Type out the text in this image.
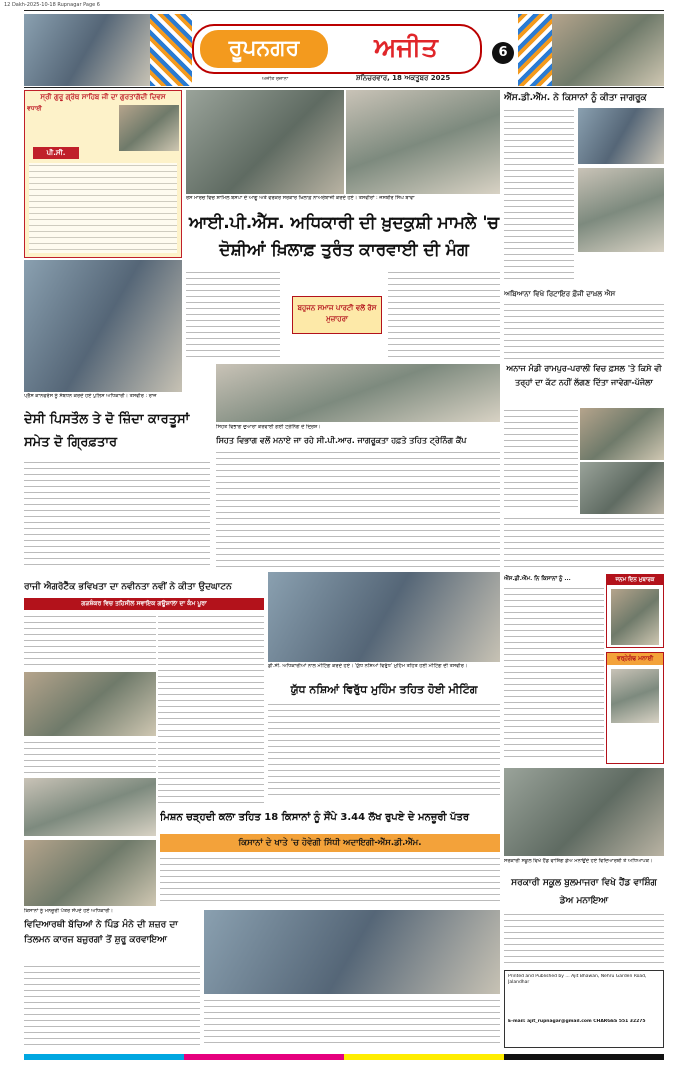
12 Dakh-2025-10-18 Rupnagar Page 6
ਰੂਪਨਗਰ	ਅਜੀਤ	6
ਅਜੀਤ ਰੋਜ਼ਾਨਾ	ਸ਼ਨਿਚਰਵਾਰ, 18 ਅਕਤੂਬਰ 2025
ਸ੍ਰੀ ਗੁਰੂ ਗ੍ਰੰਥ ਸਾਹਿਬ ਜੀ ਦਾ ਗੁਰਤਾਗੱਦੀ ਦਿਵਸ
ਵਧਾਈ
ਪੀ.ਸੀ.
ਰੋਸ ਮਾਰਚ ਵਿਚ ਸ਼ਾਮਿਲ ਬਸਪਾ ਦੇ ਆਗੂ ਅਤੇ ਵਰਕਰ ਸਰਕਾਰ ਖ਼ਿਲਾਫ਼ ਨਾਅਰੇਬਾਜ਼ੀ ਕਰਦੇ ਹੋਏ। ਤਸਵੀਰਾਂ : ਜਸਬੀਰ ਸਿੰਘ ਬਾਵਾ
ਆਈ.ਪੀ.ਐੱਸ. ਅਧਿਕਾਰੀ ਦੀ ਖ਼ੁਦਕੁਸ਼ੀ ਮਾਮਲੇ 'ਚ ਦੋਸ਼ੀਆਂ ਖ਼ਿਲਾਫ਼ ਤੁਰੰਤ ਕਾਰਵਾਈ ਦੀ ਮੰਗ
ਬਹੁਜਨ ਸਮਾਜ ਪਾਰਟੀ ਵਲੋਂ ਰੋਸ ਮੁਜ਼ਾਹਰਾ
ਐੱਸ.ਡੀ.ਐੱਮ. ਨੇ ਕਿਸਾਨਾਂ ਨੂੰ ਕੀਤਾ ਜਾਗਰੂਕ
ਅਬਿਆਨਾ ਵਿਖੇ ਰਿਟਾਇਰ ਫ਼ੌਜੀ ਦਾਖ਼ਲ ਐਸ
ਪ੍ਰੈੱਸ ਕਾਨਫਰੰਸ ਨੂੰ ਸੰਬੋਧਨ ਕਰਦੇ ਹੋਏ ਪੁਲਿਸ ਅਧਿਕਾਰੀ। ਤਸਵੀਰ : ਰਾਜ
ਦੇਸੀ ਪਿਸਤੌਲ ਤੇ ਦੋ ਜ਼ਿੰਦਾ ਕਾਰਤੂਸਾਂ ਸਮੇਤ ਦੋ ਗ੍ਰਿਫ਼ਤਾਰ
ਸਿਹਤ ਵਿਭਾਗ ਦੁਆਰਾ ਕਰਵਾਈ ਗਈ ਟ੍ਰੇਨਿੰਗ ਦੇ ਦ੍ਰਿਸ਼।
ਸਿਹਤ ਵਿਭਾਗ ਵਲੋਂ ਮਨਾਏ ਜਾ ਰਹੇ ਸੀ.ਪੀ.ਆਰ. ਜਾਗਰੂਕਤਾ ਹਫ਼ਤੇ ਤਹਿਤ ਟ੍ਰੇਨਿੰਗ ਕੈਂਪ
ਅਨਾਜ ਮੰਡੀ ਰਾਮਪੁਰ-ਪਰਾਲੀ ਵਿਚ ਫ਼ਸਲ 'ਤੇ ਕਿਸੇ ਵੀ ਤਰ੍ਹਾਂ ਦਾ ਕੱਟ ਨਹੀਂ ਲੱਗਣ ਦਿੱਤਾ ਜਾਵੇਗਾ-ਪੱਜੋਲਾ
ਰਾਜੀ ਐਗਰੋਟੈੱਕ ਭਵਿਖਤਾ ਦਾ ਨਵੀਨਤਾ ਨਵੀਂ ਨੇ ਕੀਤਾ ਉਦਘਾਟਨ
ਗੜਸ਼ੰਕਰ ਵਿਚ ਤਹਿਸੀਲ ਸਵਾਇਕ ਗਊਸ਼ਾਲਾ ਦਾ ਕੰਮ ਪੂਰਾ
ਡੀ.ਸੀ. ਅਧਿਕਾਰੀਆਂ ਨਾਲ ਮੀਟਿੰਗ ਕਰਦੇ ਹੋਏ। 'ਯੁੱਧ ਨਸ਼ਿਆਂ ਵਿਰੁੱਧ' ਮੁਹਿੰਮ ਤਹਿਤ ਹੋਈ ਮੀਟਿੰਗ ਦੀ ਤਸਵੀਰ।
ਯੁੱਧ ਨਸ਼ਿਆਂ ਵਿਰੁੱਧ ਮੁਹਿੰਮ ਤਹਿਤ ਹੋਈ ਮੀਟਿੰਗ
ਐੱਸ.ਡੀ.ਐੱਮ. ਨਿ ਕਿਸਾਨਾਂ ਨੂੰ ...	ਜਨਮ ਦਿਨ ਮੁਬਾਰਕ
ਵਰ੍ਹੇਗੰਢ ਮਨਾਈ
ਸਰਕਾਰੀ ਸਕੂਲ ਵਿਖੇ ਹੈਂਡ ਵਾਸ਼ਿੰਗ ਡੇਅ ਮਨਾਉਂਦੇ ਹੋਏ ਵਿਦਿਆਰਥੀ ਤੇ ਅਧਿਆਪਕ।
ਸਰਕਾਰੀ ਸਕੂਲ ਬੁਲਮਾਜਰਾ ਵਿਖੇ ਹੈਂਡ ਵਾਸ਼ਿੰਗ ਡੇਅ ਮਨਾਇਆ
ਮਿਸ਼ਨ ਚੜ੍ਹਦੀ ਕਲਾ ਤਹਿਤ 18 ਕਿਸਾਨਾਂ ਨੂੰ ਸੌਂਪੇ 3.44 ਲੱਖ ਰੁਪਏ ਦੇ ਮਨਜ਼ੂਰੀ ਪੱਤਰ
ਕਿਸਾਨਾਂ ਨੂੰ ਮਨਜ਼ੂਰੀ ਪੱਤਰ ਸੌਂਪਦੇ ਹੋਏ ਅਧਿਕਾਰੀ।
ਕਿਸਾਨਾਂ ਦੇ ਖਾਤੇ 'ਚ ਹੋਵੇਗੀ ਸਿੱਧੀ ਅਦਾਇਗੀ-ਐੱਸ.ਡੀ.ਐੱਮ.
ਵਿਦਿਆਰਥੀ ਬੱਚਿਆਂ ਨੇ ਪਿੰਡ ਮੰਨੇ ਦੀ ਸ਼ਜ਼ਰ ਦਾ ਤਿਲਮਨ ਕਾਰਜ ਬਜ਼ੁਰਗਾਂ ਤੋਂ ਸ਼ੁਰੂ ਕਰਵਾਇਆ
Printed and Published by ... Ajit Bhawan, Nehru Garden Road, Jalandhar
E-mail: ajit_rupnagar@gmail.com CHARGES 551 32275
